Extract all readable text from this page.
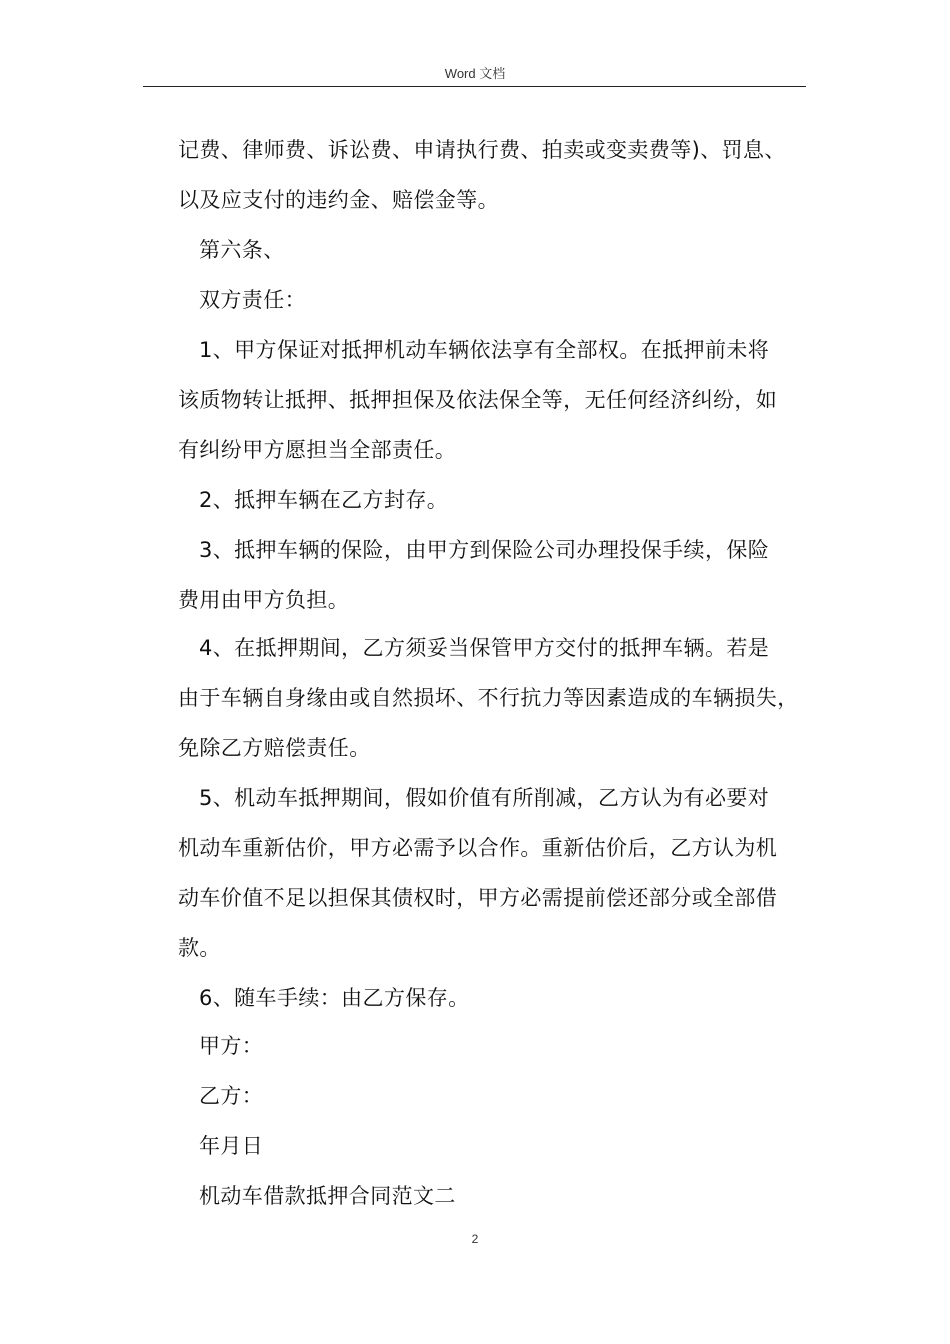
Word 文档
记费、律师费、诉讼费、申请执行费、拍卖或变卖费等)、罚息、
以及应支付的违约金、赔偿金等。
第六条、
双方责任：
1、甲方保证对抵押机动车辆依法享有全部权。在抵押前未将
该质物转让抵押、抵押担保及依法保全等，无任何经济纠纷，如
有纠纷甲方愿担当全部责任。
2、抵押车辆在乙方封存。
3、抵押车辆的保险，由甲方到保险公司办理投保手续，保险
费用由甲方负担。
4、在抵押期间，乙方须妥当保管甲方交付的抵押车辆。若是
由于车辆自身缘由或自然损坏、不行抗力等因素造成的车辆损失，
免除乙方赔偿责任。
5、机动车抵押期间，假如价值有所削减，乙方认为有必要对
机动车重新估价，甲方必需予以合作。重新估价后，乙方认为机
动车价值不足以担保其债权时，甲方必需提前偿还部分或全部借
款。
6、随车手续：由乙方保存。
甲方：
乙方：
年月日
机动车借款抵押合同范文二
2
